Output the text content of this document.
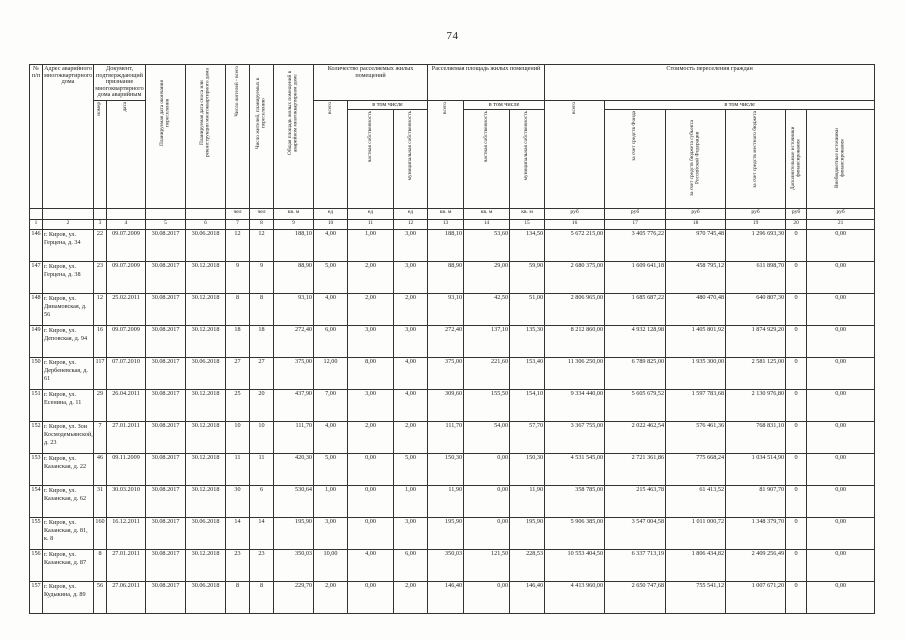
74
№ п/п	Адрес аварийного многоквартирного дома	Документ, подтверждающий признание многоквартирного дома аварийным		Планируемая дата окончания переселения	Планируемая дата сноса или реконструкции многоквартирного дома	Число жителей - всего	Число жителей, планируемых к переселению	Общая площадь жилых помещений в аварийном многоквартирном доме	Количество расселяемых жилых помещений			Расселяемая площадь жилых помещений			Стоимость переселения граждан					

		номер	дата						всего	в том числе		всего	в том числе		всего	в том числе				

										частная собственность	муниципальная собственность		частная собственность	муниципальная собственность		за счет средств Фонда	за счет средств бюджета субъекта Российской Федерации	за счет средств местного бюджета	Дополнительные источники финансирования	Внебюджетные источники финансирования

						чел	чел	кв. м	ед	ед	ед	кв. м	кв. м	кв. м	руб	руб	руб	руб	руб	руб
1	2	3	4	5	6	7	8	9	10	11	12	13	14	15	16	17	18	19	20	21
146	г. Киров, ул. Герцена, д. 34	22	09.07.2009	30.08.2017	30.06.2018	12	12	188,10	4,00	1,00	3,00	188,10	53,60	134,50	5 672 215,00	3 405 776,22	970 745,48	1 296 693,30	0	0,00
147	г. Киров, ул. Герцена, д. 38	23	09.07.2009	30.08.2017	30.12.2018	9	9	88,90	5,00	2,00	3,00	88,90	29,00	59,90	2 680 375,00	1 609 641,18	458 795,12	611 898,70	0	0,00
148	г. Киров, ул. Динамовская, д. 56	12	25.02.2011	30.08.2017	30.12.2018	8	8	93,10	4,00	2,00	2,00	93,10	42,50	51,00	2 806 965,00	1 685 687,22	480 470,48	640 807,30	0	0,00
149	г. Киров, ул. Деповская, д. 94	16	09.07.2009	30.08.2017	30.12.2018	18	18	272,40	6,00	3,00	3,00	272,40	137,10	135,30	8 212 860,00	4 932 128,98	1 405 801,92	1 874 929,20	0	0,00
150	г. Киров, ул. Дербеневская, д. 61	117	07.07.2010	30.08.2017	30.06.2018	27	27	375,00	12,00	8,00	4,00	375,00	221,60	153,40	11 306 250,00	6 789 825,00	1 935 300,00	2 581 125,00	0	0,00
151	г. Киров, ул. Есенина, д. 11	29	26.04.2011	30.08.2017	30.12.2018	25	20	437,90	7,00	3,00	4,00	309,60	155,50	154,10	9 334 440,00	5 605 679,52	1 597 783,68	2 130 976,80	0	0,00
152	г. Киров, ул. Зои Космодемьянской, д. 23	7	27.01.2011	30.08.2017	30.12.2018	10	10	111,70	4,00	2,00	2,00	111,70	54,00	57,70	3 367 755,00	2 022 462,54	576 461,36	768 831,10	0	0,00
153	г. Киров, ул. Казанская, д. 22	46	09.11.2009	30.08.2017	30.12.2018	11	11	420,30	5,00	0,00	5,00	150,30	0,00	150,30	4 531 545,00	2 721 361,86	775 668,24	1 034 514,90	0	0,00
154	г. Киров, ул. Казанская, д. 62	31	30.03.2010	30.08.2017	30.12.2018	30	6	530,64	1,00	0,00	1,00	11,90	0,00	11,90	358 785,00	215 463,78	61 413,52	81 907,70	0	0,00
155	г. Киров, ул. Казанская, д. 81, к. 8	160	16.12.2011	30.08.2017	30.06.2018	14	14	195,90	3,00	0,00	3,00	195,90	0,00	195,90	5 906 385,00	3 547 004,58	1 011 000,72	1 348 379,70	0	0,00
156	г. Киров, ул. Казанская, д. 87	8	27.01.2011	30.08.2017	30.12.2018	23	23	350,03	10,00	4,00	6,00	350,03	121,50	228,53	10 553 404,50	6 337 713,19	1 806 434,82	2 409 256,49	0	0,00
157	г. Киров, ул. Кудыкина, д. 89	56	27.06.2011	30.08.2017	30.06.2018	8	8	229,70	2,00	0,00	2,00	146,40	0,00	146,40	4 413 960,00	2 650 747,68	755 541,12	1 007 671,20	0	0,00
